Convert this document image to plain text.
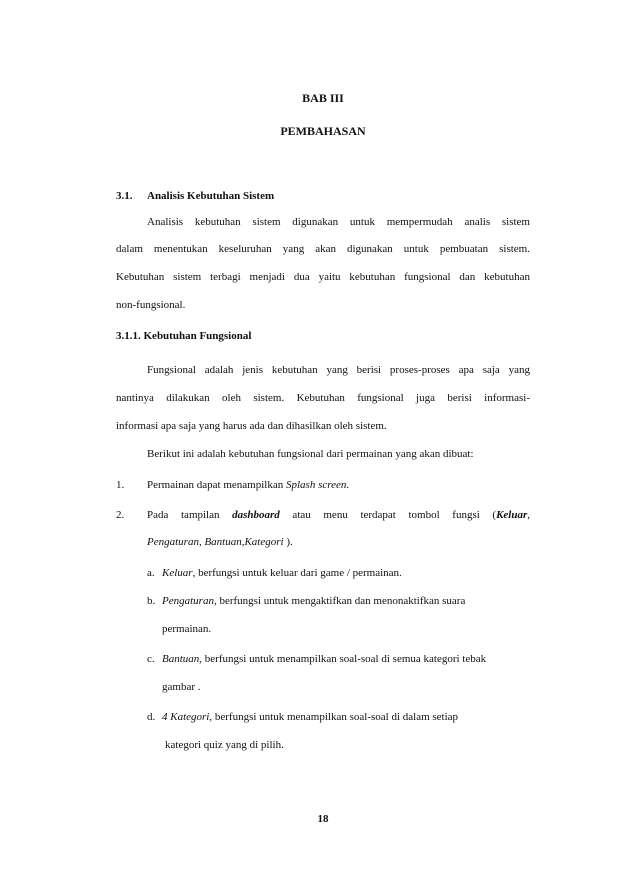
BAB III
PEMBAHASAN
3.1. Analisis Kebutuhan Sistem
Analisis kebutuhan sistem digunakan untuk mempermudah analis sistem
dalam menentukan keseluruhan yang akan digunakan untuk pembuatan sistem.
Kebutuhan sistem terbagi menjadi dua yaitu kebutuhan fungsional dan kebutuhan
non-fungsional.
3.1.1. Kebutuhan Fungsional
Fungsional adalah jenis kebutuhan yang berisi proses-proses apa saja yang
nantinya dilakukan oleh sistem. Kebutuhan fungsional juga berisi informasi-
informasi apa saja yang harus ada dan dihasilkan oleh sistem.
Berikut ini adalah kebutuhan fungsional dari permainan yang akan dibuat:
1. Permainan dapat menampilkan Splash screen.
2. Pada tampilan dashboard atau menu terdapat tombol fungsi (Keluar,
Pengaturan, Bantuan,Kategori ).
a. Keluar, berfungsi untuk keluar dari game / permainan.
b. Pengaturan, berfungsi untuk mengaktifkan dan menonaktifkan suara
permainan.
c. Bantuan, berfungsi untuk menampilkan soal-soal di semua kategori tebak
gambar .
d. 4 Kategori, berfungsi untuk menampilkan soal-soal di dalam setiap
kategori quiz yang di pilih.
18
